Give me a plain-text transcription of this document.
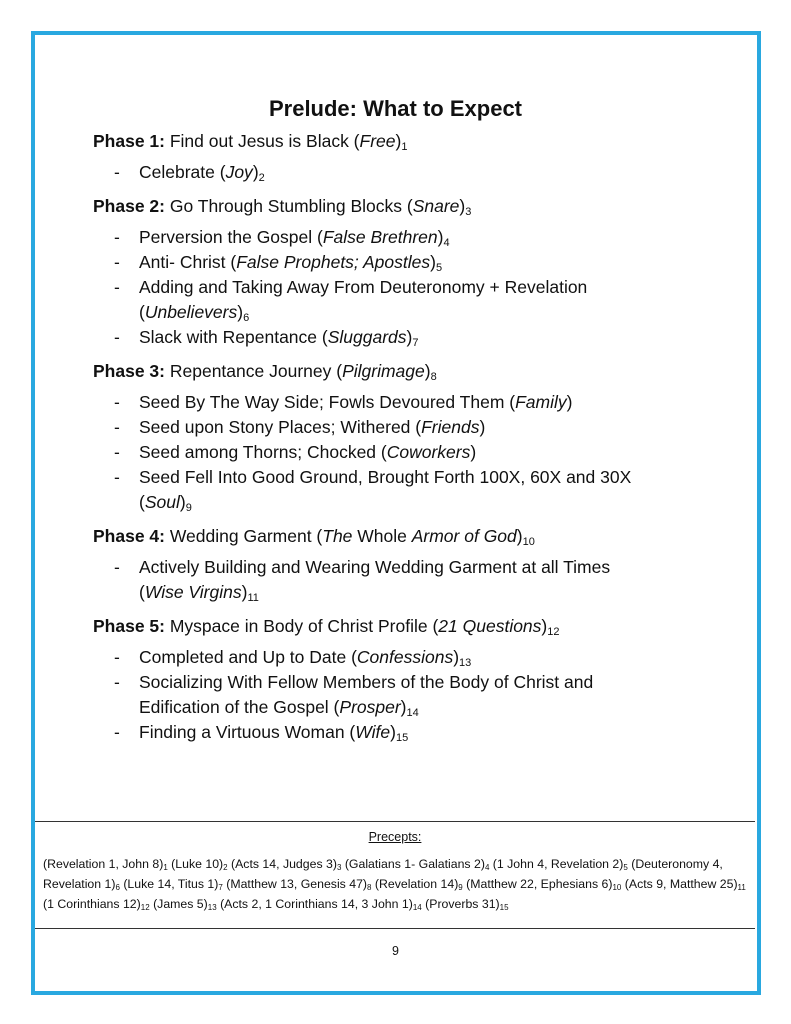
Prelude: What to Expect

Phase 1: Find out Jesus is Black $(Free)_1$

- Celebrate $(Joy)_2$

Phase 2: Go Through Stumbling Blocks $(Snare)_3$

- Perversion the Gospel (False $Brethren)_4$
- Anti- Christ (False Prophets; $Apostles)_5$
- Adding and Taking Away From Deuteronomy + Revelation
$(Unbelievers)_6$
- Slack with Repentance $(Sluggards)_7$

Phase 3: Repentance Journey $(Pilgrimage)_8$

- Seed By The Way Side; Fowls Devoured Them (Family)
- Seed upon Stony Places; Withered (Friends)
- Seed among Thorns; Chocked (Coworkers)
- Seed Fell Into Good Ground, Brought Forth 100X, 60X and 30X
$(Soul)_9$

Phase 4: Wedding Garment (The Whole Armor of $God)_{10}$

- Actively Building and Wearing Wedding Garment at all Times
(Wise $Virgins)_{11}$

Phase 5: Myspace in Body of Christ Profile (21 $Questions)_{12}$

- Completed and Up to Date $(Confessions)_{13}$
- Socializing With Fellow Members of the Body of Christ and
Edification of the Gospel $(Prosper)_{14}$
- Finding a Virtuous Woman $(Wife)_{15}$
Precepts:
(Revelation 1, John $8)_1$ (Luke $10)_2$ (Acts 14, Judges $3)_3$ (Galatians 1- Galatians $2)_4$ (1 John 4, Revelation $2)_5$ (Deuteronomy 4, Revelation $1)_6$ (Luke 14, Titus $1)_7$ (Matthew 13, Genesis $47)_8$ (Revelation $14)_9$ (Matthew 22, Ephesians $6)_{10}$ (Acts 9, Matthew $25)_{11}$ (1 Corinthians $12)_{12}$ (James $5)_{13}$ (Acts 2, 1 Corinthians 14, 3 John $1)_{14}$ (Proverbs $31)_{15}$
9
